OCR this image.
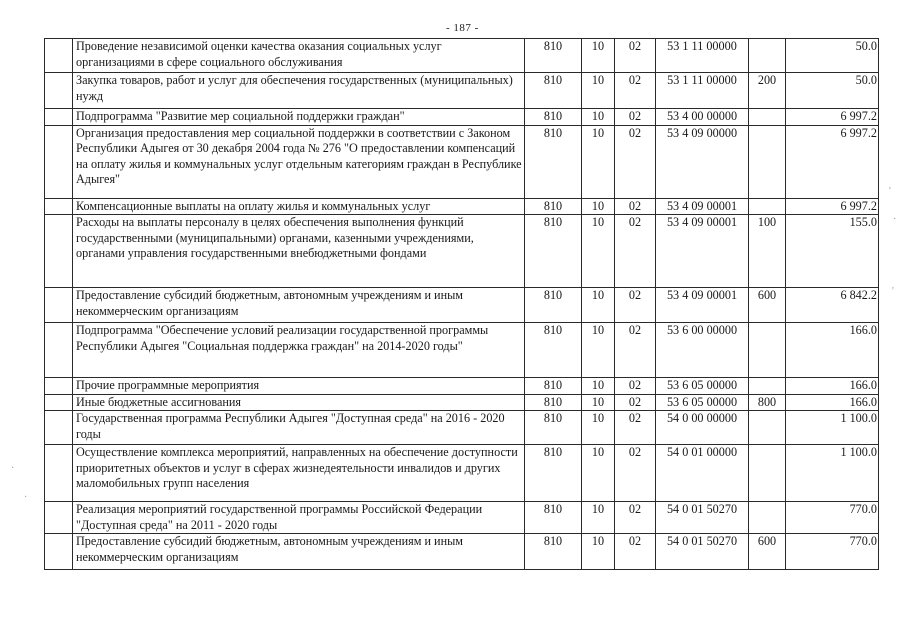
- 187 -
	Проведение независимой оценки качества оказания социальных услуг организациями в сфере социального обслуживания	810	10	02	53 1 11 00000		50.0
	Закупка товаров, работ и услуг для обеспечения государственных (муниципальных) нужд	810	10	02	53 1 11 00000	200	50.0
	Подпрограмма "Развитие мер социальной поддержки граждан"	810	10	02	53 4 00 00000		6 997.2
	Организация предоставления мер социальной поддержки в соответствии с Законом Республики Адыгея от 30 декабря 2004 года № 276 "О предоставлении компенсаций на оплату жилья и коммунальных услуг отдельным категориям граждан в Республике Адыгея"	810	10	02	53 4 09 00000		6 997.2
	Компенсационные выплаты на оплату жилья и коммунальных услуг	810	10	02	53 4 09 00001		6 997.2
	Расходы на выплаты персоналу в целях обеспечения выполнения функций государственными (муниципальными) органами, казенными учреждениями, органами управления государственными внебюджетными фондами	810	10	02	53 4 09 00001	100	155.0
	Предоставление субсидий бюджетным, автономным учреждениям и иным некоммерческим организациям	810	10	02	53 4 09 00001	600	6 842.2
	Подпрограмма "Обеспечение условий реализации государственной программы Республики Адыгея "Социальная поддержка граждан" на 2014-2020 годы"	810	10	02	53 6 00 00000		166.0
	Прочие программные мероприятия	810	10	02	53 6 05 00000		166.0
	Иные бюджетные ассигнования	810	10	02	53 6 05 00000	800	166.0
	Государственная программа Республики Адыгея "Доступная среда" на 2016 - 2020 годы	810	10	02	54 0 00 00000		1 100.0
	Осуществление комплекса мероприятий, направленных на обеспечение доступности приоритетных объектов и услуг в сферах жизнедеятельности инвалидов и других маломобильных групп населения	810	10	02	54 0 01 00000		1 100.0
	Реализация мероприятий государственной программы Российской Федерации "Доступная среда" на 2011 - 2020 годы	810	10	02	54 0 01 50270		770.0
	Предоставление субсидий бюджетным, автономным учреждениям и иным некоммерческим организациям	810	10	02	54 0 01 50270	600	770.0
'
·
'
·
·
